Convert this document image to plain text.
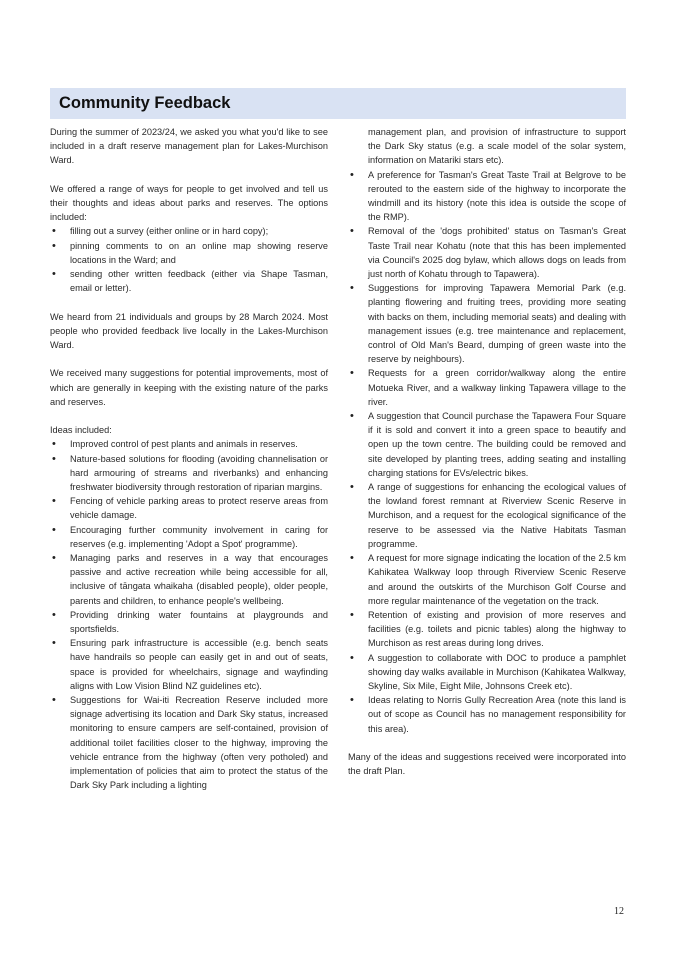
Community Feedback

During the summer of 2023/24, we asked you what you'd like to see included in a draft reserve management plan for Lakes-Murchison Ward.

We offered a range of ways for people to get involved and tell us their thoughts and ideas about parks and reserves. The options included:

• filling out a survey (either online or in hard copy);
• pinning comments to on an online map showing reserve locations in the Ward; and
• sending other written feedback (either via Shape Tasman, email or letter).

We heard from 21 individuals and groups by 28 March 2024. Most people who provided feedback live locally in the Lakes-Murchison Ward.

We received many suggestions for potential improvements, most of which are generally in keeping with the existing nature of the parks and reserves.

Ideas included:

• Improved control of pest plants and animals in reserves.
• Nature-based solutions for flooding (avoiding channelisation or hard armouring of streams and riverbanks) and enhancing freshwater biodiversity through restoration of riparian margins.
• Fencing of vehicle parking areas to protect reserve areas from vehicle damage.
• Encouraging further community involvement in caring for reserves (e.g. implementing 'Adopt a Spot' programme).
• Managing parks and reserves in a way that encourages passive and active recreation while being accessible for all, inclusive of tāngata whaikaha (disabled people), older people, parents and children, to enhance people's wellbeing.
• Providing drinking water fountains at playgrounds and sportsfields.
• Ensuring park infrastructure is accessible (e.g. bench seats have handrails so people can easily get in and out of seats, space is provided for wheelchairs, signage and wayfinding aligns with Low Vision Blind NZ guidelines etc).
• Suggestions for Wai-iti Recreation Reserve included more signage advertising its location and Dark Sky status, increased monitoring to ensure campers are self-contained, provision of additional toilet facilities closer to the highway, improving the vehicle entrance from the highway (often very potholed) and implementation of policies that aim to protect the status of the Dark Sky Park including a lighting

management plan, and provision of infrastructure to support the Dark Sky status (e.g. a scale model of the solar system, information on Matariki stars etc).

• A preference for Tasman's Great Taste Trail at Belgrove to be rerouted to the eastern side of the highway to incorporate the windmill and its history (note this idea is outside the scope of the RMP).
• Removal of the 'dogs prohibited' status on Tasman's Great Taste Trail near Kohatu (note that this has been implemented via Council's 2025 dog bylaw, which allows dogs on leads from just north of Kohatu through to Tapawera).
• Suggestions for improving Tapawera Memorial Park (e.g. planting flowering and fruiting trees, providing more seating with backs on them, including memorial seats) and dealing with management issues (e.g. tree maintenance and replacement, control of Old Man's Beard, dumping of green waste into the reserve by neighbours).
• Requests for a green corridor/walkway along the entire Motueka River, and a walkway linking Tapawera village to the river.
• A suggestion that Council purchase the Tapawera Four Square if it is sold and convert it into a green space to beautify and open up the town centre. The building could be removed and site developed by planting trees, adding seating and installing charging stations for EVs/electric bikes.
• A range of suggestions for enhancing the ecological values of the lowland forest remnant at Riverview Scenic Reserve in Murchison, and a request for the ecological significance of the reserve to be assessed via the Native Habitats Tasman programme.
• A request for more signage indicating the location of the 2.5 km Kahikatea Walkway loop through Riverview Scenic Reserve and around the outskirts of the Murchison Golf Course and more regular maintenance of the vegetation on the track.
• Retention of existing and provision of more reserves and facilities (e.g. toilets and picnic tables) along the highway to Murchison as rest areas during long drives.
• A suggestion to collaborate with DOC to produce a pamphlet showing day walks available in Murchison (Kahikatea Walkway, Skyline, Six Mile, Eight Mile, Johnsons Creek etc).
• Ideas relating to Norris Gully Recreation Area (note this land is out of scope as Council has no management responsibility for this area).

Many of the ideas and suggestions received were incorporated into the draft Plan.

12
